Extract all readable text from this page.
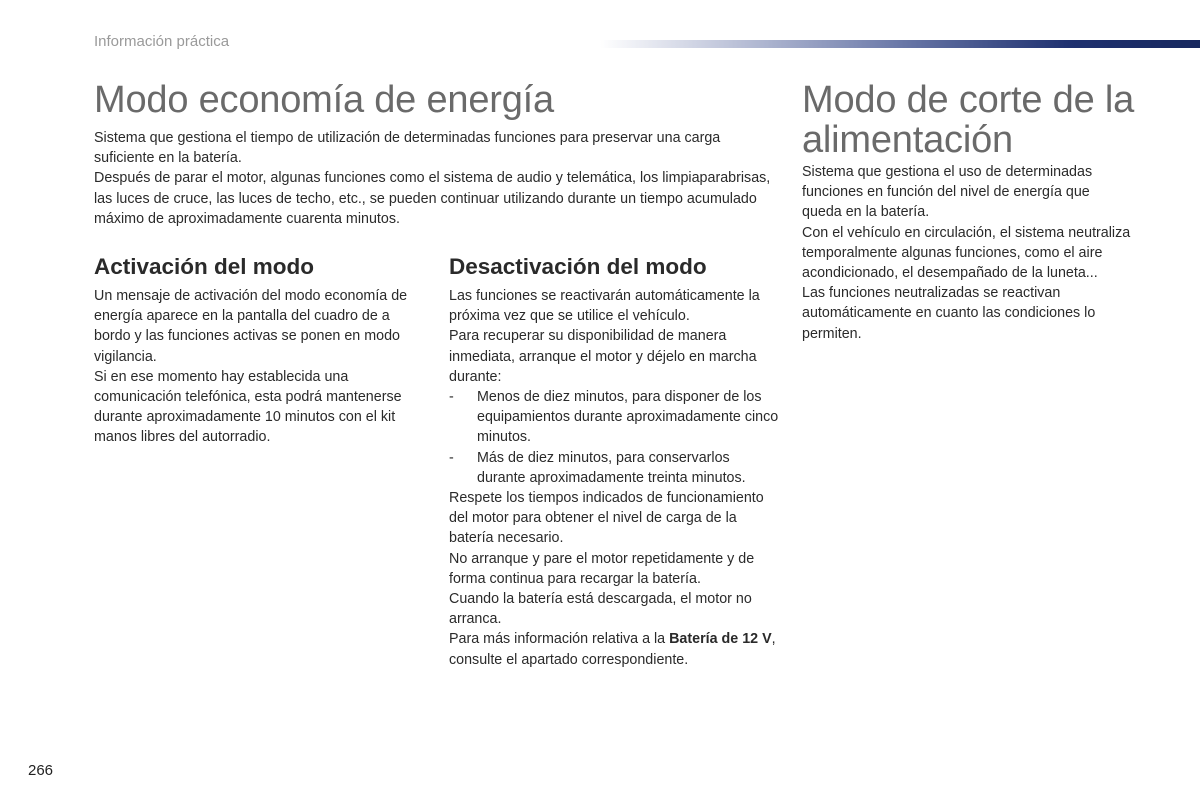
Información práctica
Modo economía de energía

Sistema que gestiona el tiempo de utilización de determinadas funciones para preservar una carga suficiente en la batería.

Después de parar el motor, algunas funciones como el sistema de audio y telemática, los limpiaparabrisas, las luces de cruce, las luces de techo, etc., se pueden continuar utilizando durante un tiempo acumulado máximo de aproximadamente cuarenta minutos.

Activación del modo

Un mensaje de activación del modo economía de energía aparece en la pantalla del cuadro de a bordo y las funciones activas se ponen en modo vigilancia.

Si en ese momento hay establecida una comunicación telefónica, esta podrá mantenerse durante aproximadamente 10 minutos con el kit manos libres del autorradio.

Desactivación del modo

Las funciones se reactivarán automáticamente la próxima vez que se utilice el vehículo.

Para recuperar su disponibilidad de manera inmediata, arranque el motor y déjelo en marcha durante:

-	Menos de diez minutos, para disponer de los equipamientos durante aproximadamente cinco minutos.
-	Más de diez minutos, para conservarlos durante aproximadamente treinta minutos.

Respete los tiempos indicados de funcionamiento del motor para obtener el nivel de carga de la batería necesario.

No arranque y pare el motor repetidamente y de forma continua para recargar la batería.

Cuando la batería está descargada, el motor no arranca.

Para más información relativa a la Batería de 12 V, consulte el apartado correspondiente.

Modo de corte de la alimentación

Sistema que gestiona el uso de determinadas funciones en función del nivel de energía que queda en la batería.

Con el vehículo en circulación, el sistema neutraliza temporalmente algunas funciones, como el aire acondicionado, el desempañado de la luneta...

Las funciones neutralizadas se reactivan automáticamente en cuanto las condiciones lo permiten.

266
